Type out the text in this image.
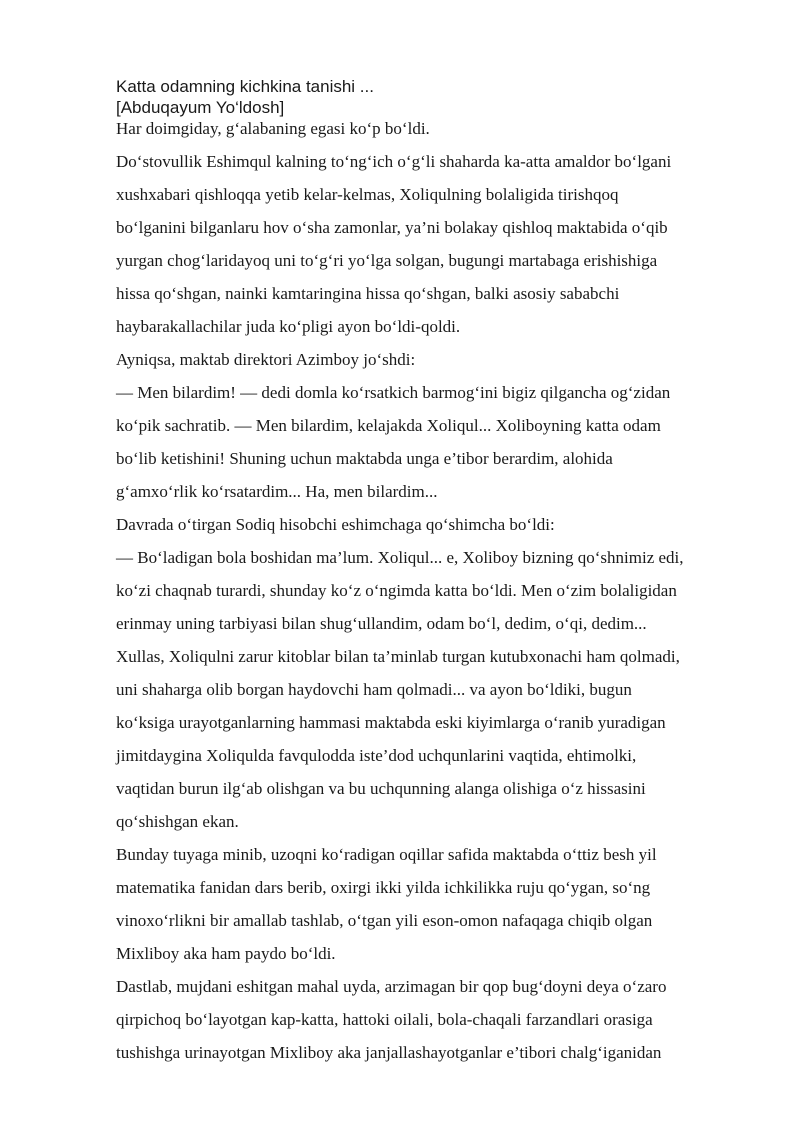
Katta odamning kichkina tanishi ...
[Abduqayum Yo‘ldosh]

Har doimgiday, g‘alabaning egasi ko‘p bo‘ldi.

Do‘stovullik Eshimqul kalning to‘ng‘ich o‘g‘li shaharda ka-atta amaldor bo‘lgani
xushxabari qishloqqa yetib kelar-kelmas, Xoliqulning bolaligida tirishqoq
bo‘lganini bilganlaru hov o‘sha zamonlar, ya’ni bolakay qishloq maktabida o‘qib
yurgan chog‘laridayoq uni to‘g‘ri yo‘lga solgan, bugungi martabaga erishishiga
hissa qo‘shgan, nainki kamtaringina hissa qo‘shgan, balki asosiy sababchi
haybarakallachilar juda ko‘pligi ayon bo‘ldi-qoldi.

Ayniqsa, maktab direktori Azimboy jo‘shdi:

— Men bilardim! — dedi domla ko‘rsatkich barmog‘ini bigiz qilgancha og‘zidan
ko‘pik sachratib. — Men bilardim, kelajakda Xoliqul... Xoliboyning katta odam
bo‘lib ketishini! Shuning uchun maktabda unga e’tibor berardim, alohida
g‘amxo‘rlik ko‘rsatardim... Ha, men bilardim...

Davrada o‘tirgan Sodiq hisobchi eshimchaga qo‘shimcha bo‘ldi:

— Bo‘ladigan bola boshidan ma’lum. Xoliqul... e, Xoliboy bizning qo‘shnimiz edi,
ko‘zi chaqnab turardi, shunday ko‘z o‘ngimda katta bo‘ldi. Men o‘zim bolaligidan
erinmay uning tarbiyasi bilan shug‘ullandim, odam bo‘l, dedim, o‘qi, dedim...

Xullas, Xoliqulni zarur kitoblar bilan ta’minlab turgan kutubxonachi ham qolmadi,
uni shaharga olib borgan haydovchi ham qolmadi... va ayon bo‘ldiki, bugun
ko‘ksiga urayotganlarning hammasi maktabda eski kiyimlarga o‘ranib yuradigan
jimitdaygina Xoliqulda favqulodda iste’dod uchqunlarini vaqtida, ehtimolki,
vaqtidan burun ilg‘ab olishgan va bu uchqunning alanga olishiga o‘z hissasini
qo‘shishgan ekan.

Bunday tuyaga minib, uzoqni ko‘radigan oqillar safida maktabda o‘ttiz besh yil
matematika fanidan dars berib, oxirgi ikki yilda ichkilikka ruju qo‘ygan, so‘ng
vinoxo‘rlikni bir amallab tashlab, o‘tgan yili eson-omon nafaqaga chiqib olgan
Mixliboy aka ham paydo bo‘ldi.

Dastlab, mujdani eshitgan mahal uyda, arzimagan bir qop bug‘doyni deya o‘zaro
qirpichoq bo‘layotgan kap-katta, hattoki oilali, bola-chaqali farzandlari orasiga
tushishga urinayotgan Mixliboy aka janjallashayotganlar e’tibori chalg‘iganidan
